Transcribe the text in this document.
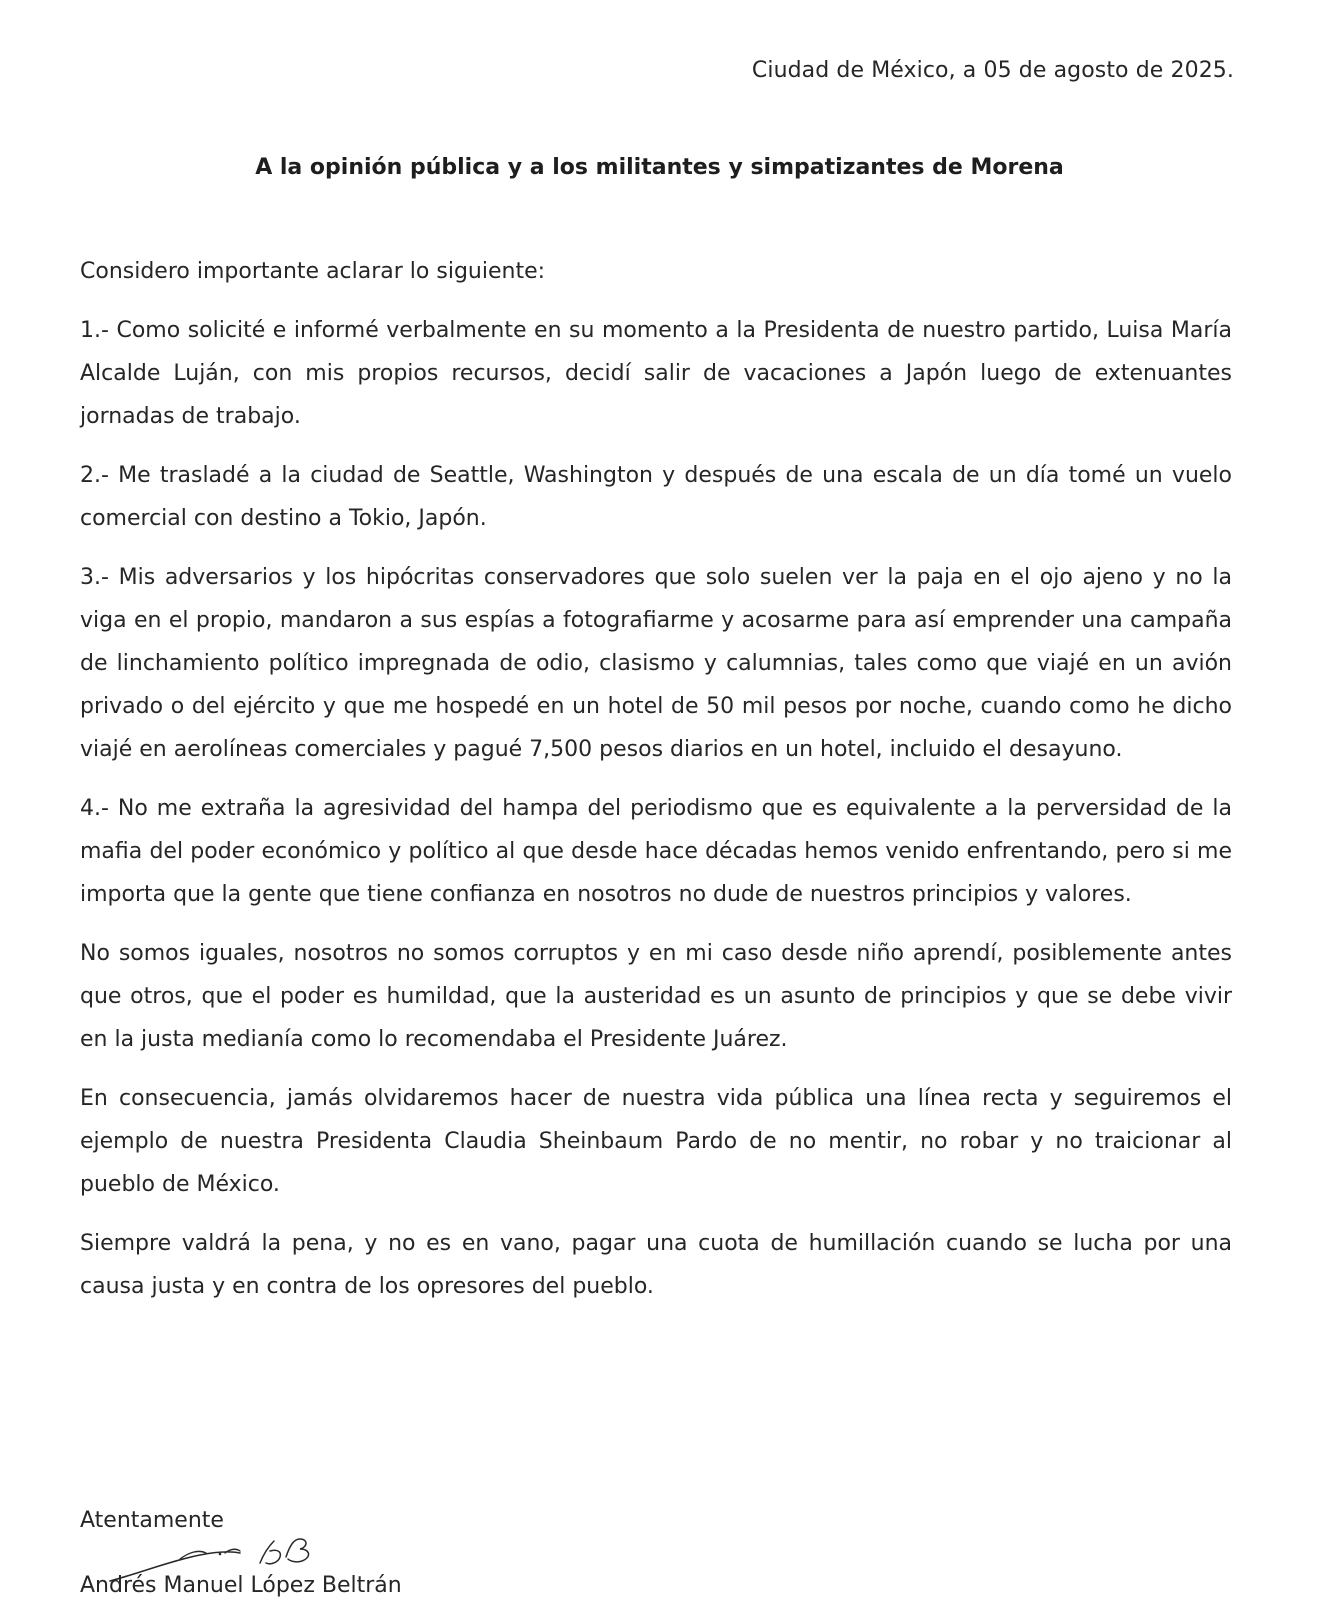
Ciudad de México, a 05 de agosto de 2025.
A la opinión pública y a los militantes y simpatizantes de Morena

Considero importante aclarar lo siguiente:

1.- Como solicité e informé verbalmente en su momento a la Presidenta de nuestro partido, Luisa María Alcalde Luján, con mis propios recursos, decidí salir de vacaciones a Japón luego de extenuantes jornadas de trabajo.

2.- Me trasladé a la ciudad de Seattle, Washington y después de una escala de un día tomé un vuelo comercial con destino a Tokio, Japón.

3.- Mis adversarios y los hipócritas conservadores que solo suelen ver la paja en el ojo ajeno y no la viga en el propio, mandaron a sus espías a fotografiarme y acosarme para así emprender una campaña de linchamiento político impregnada de odio, clasismo y calumnias, tales como que viajé en un avión privado o del ejército y que me hospedé en un hotel de 50 mil pesos por noche, cuando como he dicho viajé en aerolíneas comerciales y pagué 7,500 pesos diarios en un hotel, incluido el desayuno.

4.- No me extraña la agresividad del hampa del periodismo que es equivalente a la perversidad de la mafia del poder económico y político al que desde hace décadas hemos venido enfrentando, pero si me importa que la gente que tiene confianza en nosotros no dude de nuestros principios y valores.

No somos iguales, nosotros no somos corruptos y en mi caso desde niño aprendí, posiblemente antes que otros, que el poder es humildad, que la austeridad es un asunto de principios y que se debe vivir en la justa medianía como lo recomendaba el Presidente Juárez.

En consecuencia, jamás olvidaremos hacer de nuestra vida pública una línea recta y seguiremos el ejemplo de nuestra Presidenta Claudia Sheinbaum Pardo de no mentir, no robar y no traicionar al pueblo de México.

Siempre valdrá la pena, y no es en vano, pagar una cuota de humillación cuando se lucha por una causa justa y en contra de los opresores del pueblo.

Atentamente
Andrés Manuel López Beltrán
